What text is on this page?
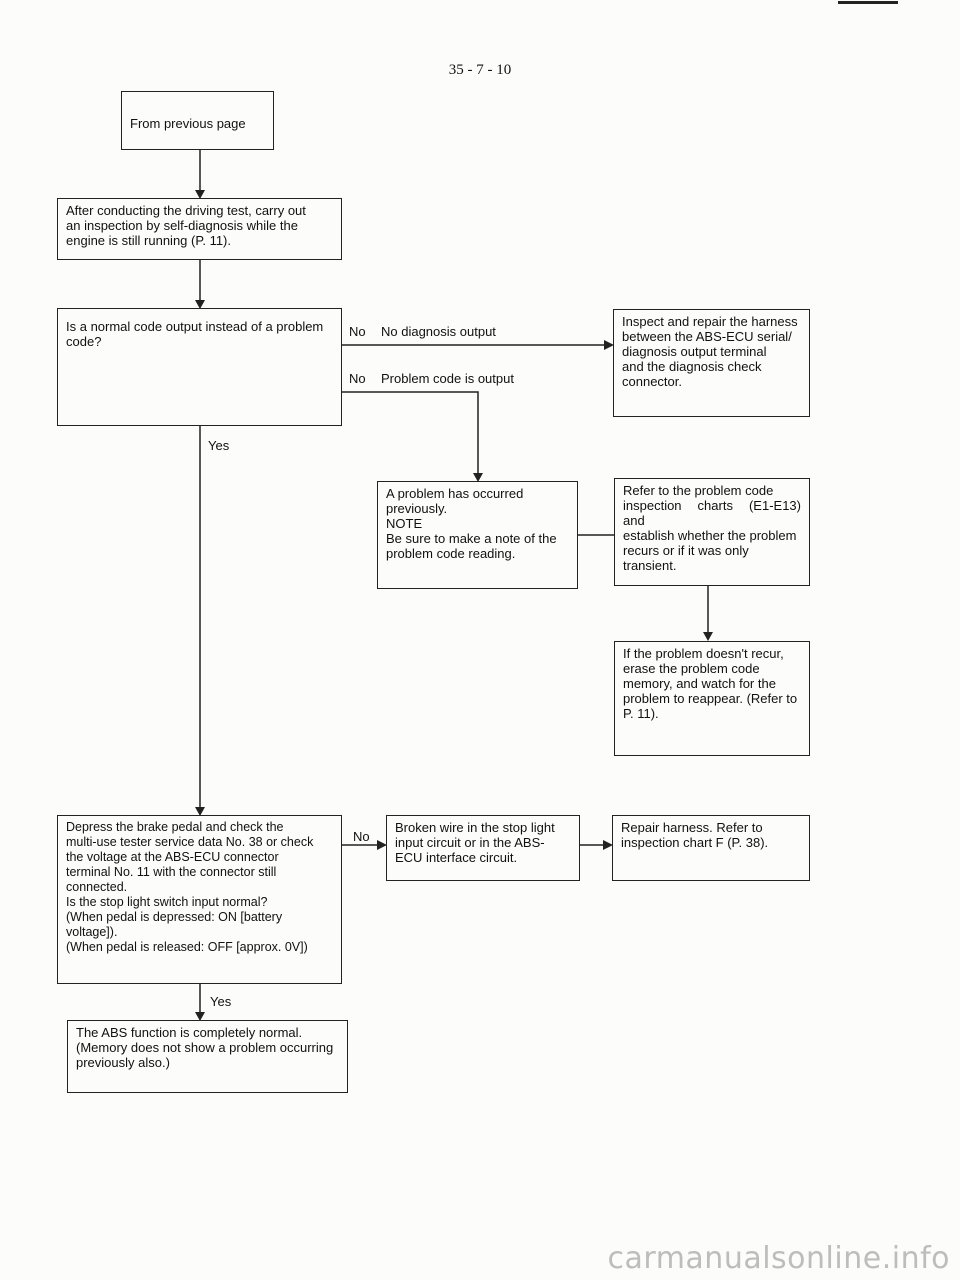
35 - 7 - 10
From previous page
After conducting the driving test, carry out
an inspection by self-diagnosis while the
engine is still running (P. 11).
Is a normal code output instead of a problem
code?
Inspect and repair the harness
between the ABS-ECU serial/
diagnosis output terminal
and the diagnosis check
connector.
A problem has occurred
previously.
NOTE
Be sure to make a note of the
problem code reading.
Refer to the problem code
inspection charts (E1-E13) and
establish whether the problem
recurs or if it was only
transient.
If the problem doesn't recur,
erase the problem code
memory, and watch for the
problem to reappear. (Refer to
P. 11).
Depress the brake pedal and check the
multi-use tester service data No. 38 or check
the voltage at the ABS-ECU connector
terminal No. 11 with the connector still
connected.
Is the stop light switch input normal?
(When pedal is depressed: ON [battery
voltage]).
(When pedal is released: OFF [approx. 0V])
Broken wire in the stop light
input circuit or in the ABS-
ECU interface circuit.
Repair harness. Refer to
inspection chart F (P. 38).
The ABS function is completely normal.
(Memory does not show a problem occurring
previously also.)
No No diagnosis output
No Problem code is output
Yes
No
Yes
carmanualsonline.info
